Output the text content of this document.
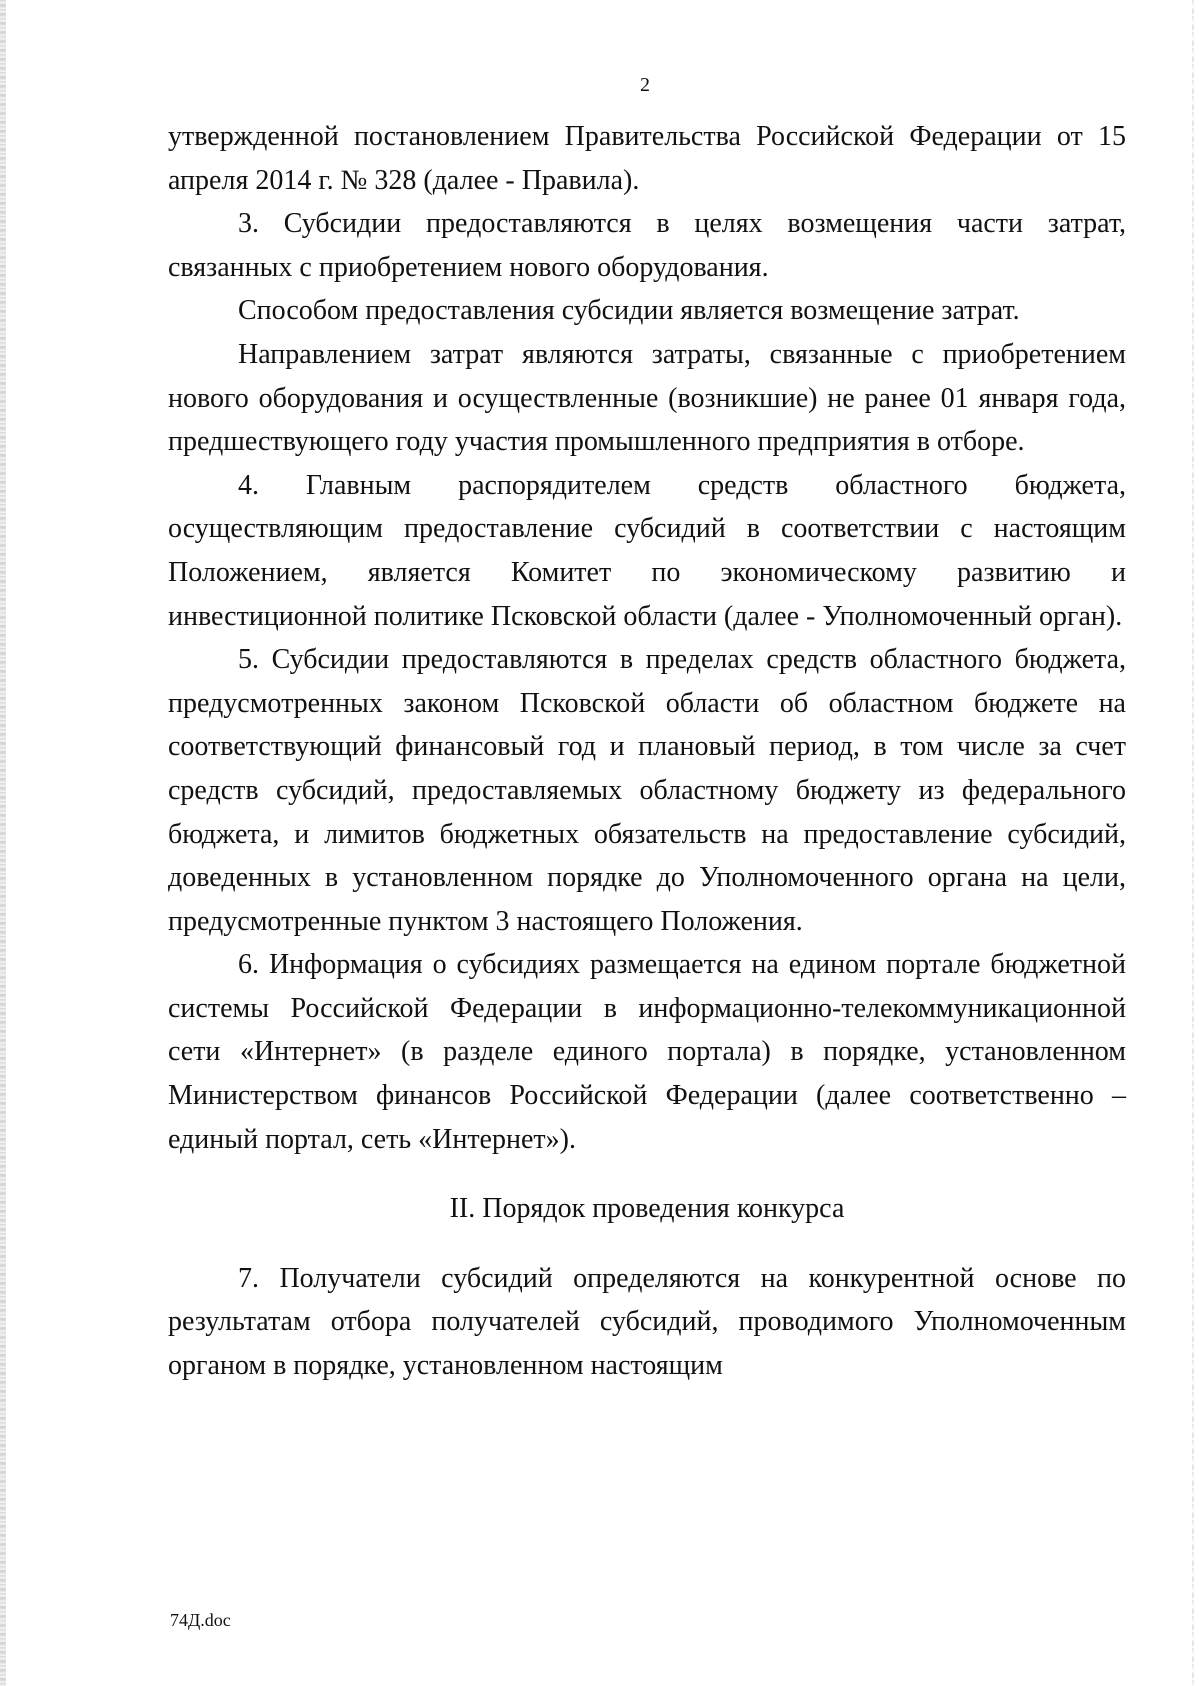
2

утвержденной постановлением Правительства Российской Федерации от 15 апреля 2014 г. № 328 (далее - Правила).

3. Субсидии предоставляются в целях возмещения части затрат, связанных с приобретением нового оборудования.

Способом предоставления субсидии является возмещение затрат.

Направлением затрат являются затраты, связанные с приобретением нового оборудования и осуществленные (возникшие) не ранее 01 января года, предшествующего году участия промышленного предприятия в отборе.

4. Главным распорядителем средств областного бюджета, осуществляющим предоставление субсидий в соответствии с настоящим Положением, является Комитет по экономическому развитию и инвестиционной политике Псковской области (далее - Уполномоченный орган).

5. Субсидии предоставляются в пределах средств областного бюджета, предусмотренных законом Псковской области об областном бюджете на соответствующий финансовый год и плановый период, в том числе за счет средств субсидий, предоставляемых областному бюджету из федерального бюджета, и лимитов бюджетных обязательств на предоставление субсидий, доведенных в установленном порядке до Уполномоченного органа на цели, предусмотренные пунктом 3 настоящего Положения.

6. Информация о субсидиях размещается на едином портале бюджетной системы Российской Федерации в информационно-телекоммуникационной сети «Интернет» (в разделе единого портала) в порядке, установленном Министерством финансов Российской Федерации (далее соответственно – единый портал, сеть «Интернет»).

II. Порядок проведения конкурса

7. Получатели субсидий определяются на конкурентной основе по результатам отбора получателей субсидий, проводимого Уполномоченным органом в порядке, установленном настоящим

74Д.doc
